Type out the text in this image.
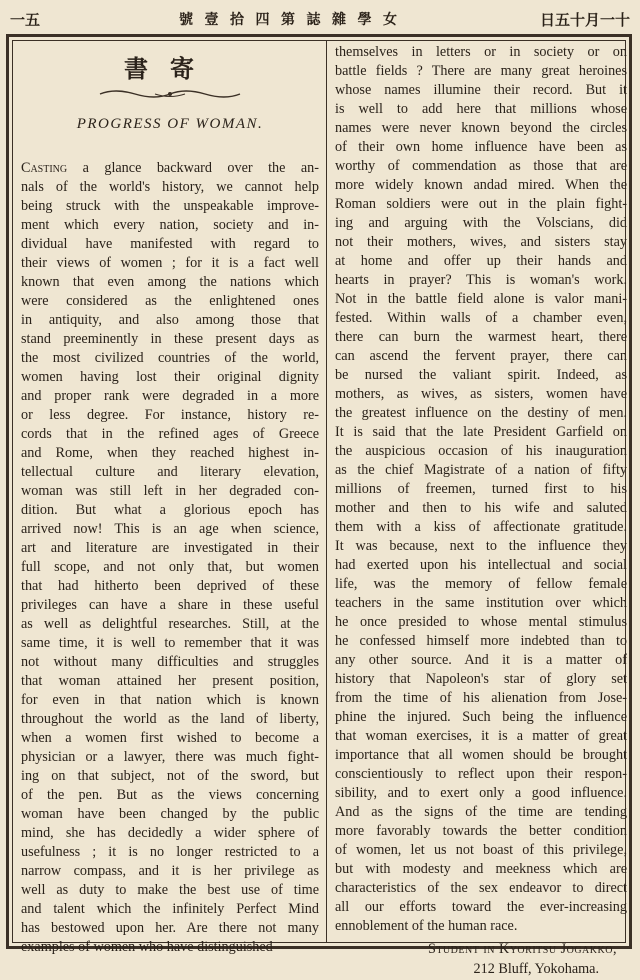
一五	號 壹 拾 四 第 誌 雜 學 女	日五十月一十
書寄
PROGRESS OF WOMAN.
Casting a glance backward over the an-
nals of the world's history, we cannot help
being struck with the unspeakable improve-
ment which every nation, society and in-
dividual have manifested with regard to
their views of women ; for it is a fact well
known that even among the nations which
were considered as the enlightened ones
in antiquity, and also among those that
stand preeminently in these present days as
the most civilized countries of the world,
women having lost their original dignity
and proper rank were degraded in a more
or less degree. For instance, history re-
cords that in the refined ages of Greece
and Rome, when they reached highest in-
tellectual culture and literary elevation,
woman was still left in her degraded con-
dition. But what a glorious epoch has
arrived now! This is an age when science,
art and literature are investigated in their
full scope, and not only that, but women
that had hitherto been deprived of these
privileges can have a share in these useful
as well as delightful researches. Still, at the
same time, it is well to remember that it was
not without many difficulties and struggles
that woman attained her present position,
for even in that nation which is known
throughout the world as the land of liberty,
when a women first wished to become a
physician or a lawyer, there was much fight-
ing on that subject, not of the sword, but
of the pen. But as the views concerning
woman have been changed by the public
mind, she has decidedly a wider sphere of
usefulness ; it is no longer restricted to a
narrow compass, and it is her privilege as
well as duty to make the best use of time
and talent which the infinitely Perfect Mind
has bestowed upon her. Are there not many
examples of women who have distinguished
themselves in letters or in society or on
battle fields ? There are many great heroines
whose names illumine their record. But it
is well to add here that millions whose
names were never known beyond the circles
of their own home influence have been as
worthy of commendation as those that are
more widely known andad mired. When the
Roman soldiers were out in the plain fight-
ing and arguing with the Volscians, did
not their mothers, wives, and sisters stay
at home and offer up their hands and
hearts in prayer? This is woman's work.
Not in the battle field alone is valor mani-
fested. Within walls of a chamber even,
there can burn the warmest heart, there
can ascend the fervent prayer, there can
be nursed the valiant spirit. Indeed, as
mothers, as wives, as sisters, women have
the greatest influence on the destiny of men.
It is said that the late President Garfield on
the auspicious occasion of his inauguration
as the chief Magistrate of a nation of fifty
millions of freemen, turned first to his
mother and then to his wife and saluted
them with a kiss of affectionate gratitude.
It was because, next to the influence they
had exerted upon his intellectual and social
life, was the memory of fellow female
teachers in the same institution over which
he once presided to whose mental stimulus
he confessed himself more indebted than to
any other source. And it is a matter of
history that Napoleon's star of glory set
from the time of his alienation from Jose-
phine the injured. Such being the influence
that woman exercises, it is a matter of great
importance that all women should be brought
conscientiously to reflect upon their respon-
sibility, and to exert only a good influence.
And as the signs of the time are tending
more favorably towards the better condition
of women, let us not boast of this privilege,
but with modesty and meekness which are
characteristics of the sex endeavor to direct
all our efforts toward the ever-increasing
ennoblement of the human race.
Student in Kyoritsu Jogakko,
212 Bluff, Yokohama.
